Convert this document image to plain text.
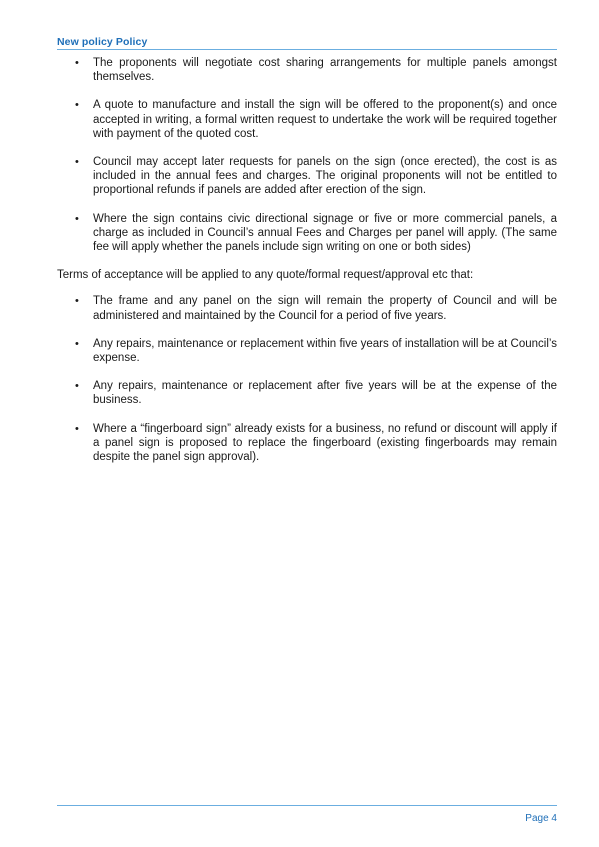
New policy Policy
• The proponents will negotiate cost sharing arrangements for multiple panels amongst themselves.
• A quote to manufacture and install the sign will be offered to the proponent(s) and once accepted in writing, a formal written request to undertake the work will be required together with payment of the quoted cost.
• Council may accept later requests for panels on the sign (once erected), the cost is as included in the annual fees and charges. The original proponents will not be entitled to proportional refunds if panels are added after erection of the sign.
• Where the sign contains civic directional signage or five or more commercial panels, a charge as included in Council’s annual Fees and Charges per panel will apply. (The same fee will apply whether the panels include sign writing on one or both sides)

Terms of acceptance will be applied to any quote/formal request/approval etc that:

• The frame and any panel on the sign will remain the property of Council and will be administered and maintained by the Council for a period of five years.
• Any repairs, maintenance or replacement within five years of installation will be at Council’s expense.
• Any repairs, maintenance or replacement after five years will be at the expense of the business.
• Where a “fingerboard sign” already exists for a business, no refund or discount will apply if a panel sign is proposed to replace the fingerboard (existing fingerboards may remain despite the panel sign approval).
Page 4
